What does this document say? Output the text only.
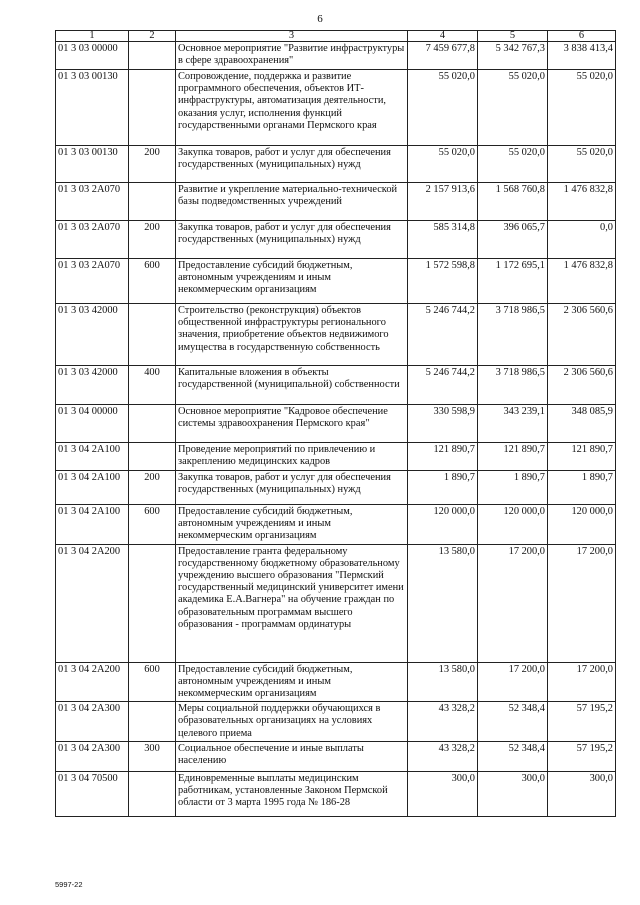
6
1	2	3	4	5	6
01 3 03 00000		Основное мероприятие "Развитие инфраструктуры в сфере здравоохранения"	7 459 677,8	5 342 767,3	3 838 413,4
01 3 03 00130		Сопровождение, поддержка и развитие программного обеспечения, объектов ИТ-инфраструктуры, автоматизация деятельности, оказания услуг, исполнения функций государственными органами Пермского края	55 020,0	55 020,0	55 020,0
01 3 03 00130	200	Закупка товаров, работ и услуг для обеспечения государственных (муниципальных) нужд	55 020,0	55 020,0	55 020,0
01 3 03 2А070		Развитие и укрепление материально-технической базы подведомственных учреждений	2 157 913,6	1 568 760,8	1 476 832,8
01 3 03 2А070	200	Закупка товаров, работ и услуг для обеспечения государственных (муниципальных) нужд	585 314,8	396 065,7	0,0
01 3 03 2А070	600	Предоставление субсидий бюджетным, автономным учреждениям и иным некоммерческим организациям	1 572 598,8	1 172 695,1	1 476 832,8
01 3 03 42000		Строительство (реконструкция) объектов общественной инфраструктуры регионального значения, приобретение объектов недвижимого имущества в государственную собственность	5 246 744,2	3 718 986,5	2 306 560,6
01 3 03 42000	400	Капитальные вложения в объекты государственной (муниципальной) собственности	5 246 744,2	3 718 986,5	2 306 560,6
01 3 04 00000		Основное мероприятие "Кадровое обеспечение системы здравоохранения Пермского края"	330 598,9	343 239,1	348 085,9
01 3 04 2А100		Проведение мероприятий по привлечению и закреплению медицинских кадров	121 890,7	121 890,7	121 890,7
01 3 04 2А100	200	Закупка товаров, работ и услуг для обеспечения государственных (муниципальных) нужд	1 890,7	1 890,7	1 890,7
01 3 04 2А100	600	Предоставление субсидий бюджетным, автономным учреждениям и иным некоммерческим организациям	120 000,0	120 000,0	120 000,0
01 3 04 2А200		Предоставление гранта федеральному государственному бюджетному образовательному учреждению высшего образования "Пермский государственный медицинский университет имени академика Е.А.Вагнера" на обучение граждан по образовательным программам высшего образования - программам ординатуры	13 580,0	17 200,0	17 200,0
01 3 04 2А200	600	Предоставление субсидий бюджетным, автономным учреждениям и иным некоммерческим организациям	13 580,0	17 200,0	17 200,0
01 3 04 2А300		Меры социальной поддержки обучающихся в образовательных организациях на условиях целевого приема	43 328,2	52 348,4	57 195,2
01 3 04 2А300	300	Социальное обеспечение и иные выплаты населению	43 328,2	52 348,4	57 195,2
01 3 04 70500		Единовременные выплаты медицинским работникам, установленные Законом Пермской области от 3 марта 1995 года № 186-28	300,0	300,0	300,0
5997-22
